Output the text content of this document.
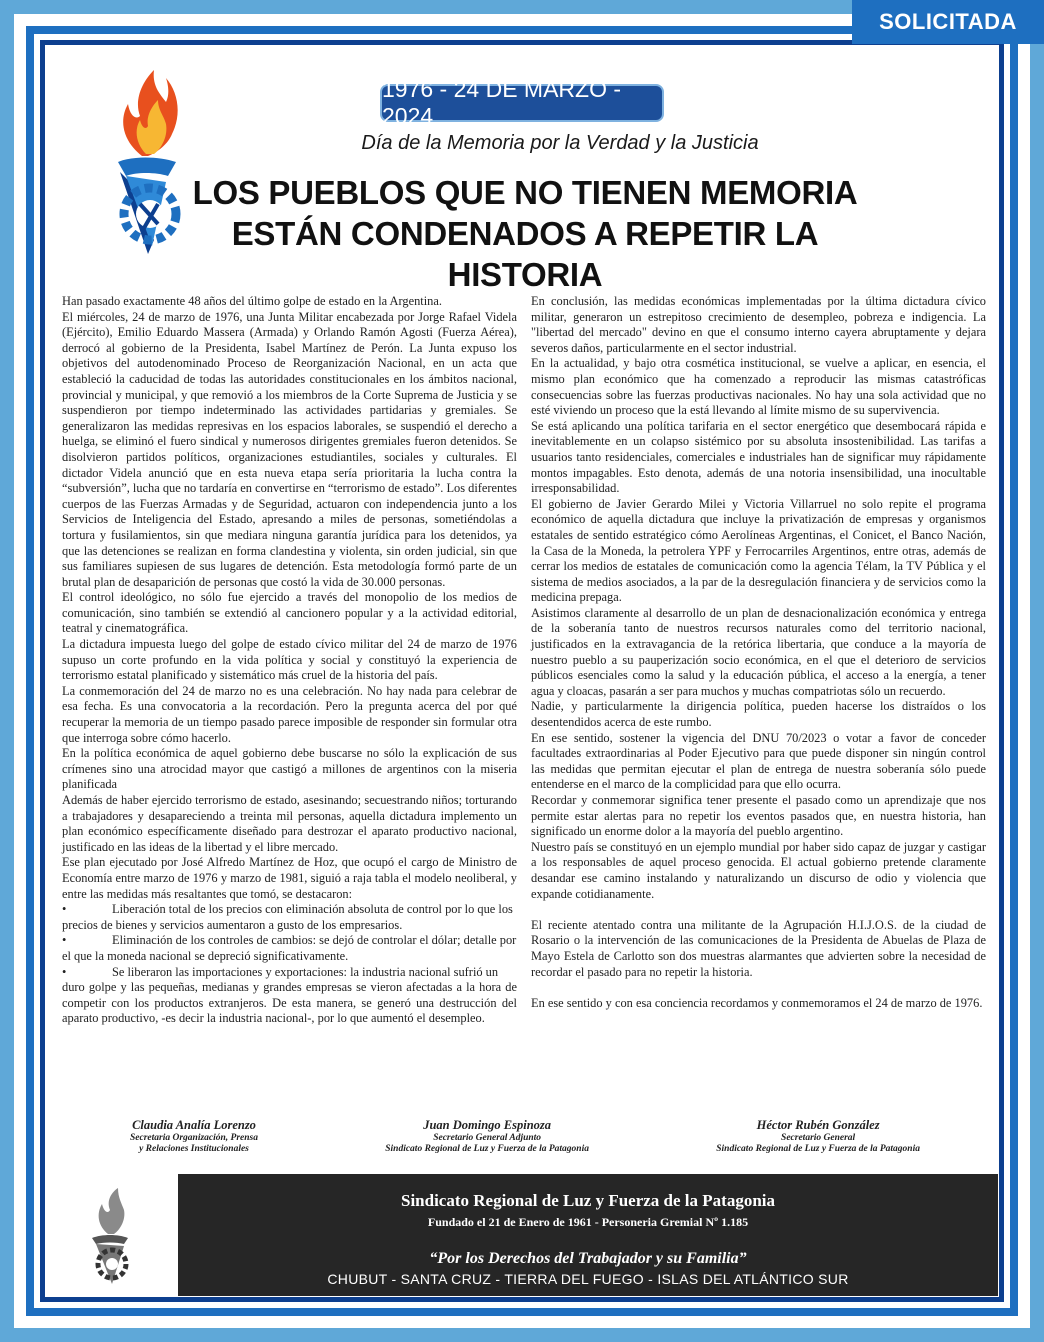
SOLICITADA
1976 - 24 DE MARZO - 2024
Día de la Memoria por la Verdad y la Justicia
LOS PUEBLOS QUE NO TIENEN MEMORIA
ESTÁN CONDENADOS A REPETIR LA HISTORIA

Han pasado exactamente 48 años del último golpe de estado en la Argentina.

El miércoles, 24 de marzo de 1976, una Junta Militar encabezada por Jorge Rafael Videla (Ejército), Emilio Eduardo Massera (Armada) y Orlando Ramón Agosti (Fuerza Aérea), derrocó al gobierno de la Presidenta, Isabel Martínez de Perón. La Junta expuso los objetivos del autodenominado Proceso de Reorganización Nacional, en un acta que estableció la caducidad de todas las autoridades constitucionales en los ámbitos nacional, provincial y municipal, y que removió a los miembros de la Corte Suprema de Justicia y se suspendieron por tiempo indeterminado las actividades partidarias y gremiales. Se generalizaron las medidas represivas en los espacios laborales, se suspendió el derecho a huelga, se eliminó el fuero sindical y numerosos dirigentes gremiales fueron detenidos. Se disolvieron partidos políticos, organizaciones estudiantiles, sociales y culturales. El dictador Videla anunció que en esta nueva etapa sería prioritaria la lucha contra la “subversión”, lucha que no tardaría en convertirse en “terrorismo de estado”. Los diferentes cuerpos de las Fuerzas Armadas y de Seguridad, actuaron con independencia junto a los Servicios de Inteligencia del Estado, apresando a miles de personas, sometiéndolas a tortura y fusilamientos, sin que mediara ninguna garantía jurídica para los detenidos, ya que las detenciones se realizan en forma clandestina y violenta, sin orden judicial, sin que sus familiares supiesen de sus lugares de detención. Esta metodología formó parte de un brutal plan de desaparición de personas que costó la vida de 30.000 personas.

El control ideológico, no sólo fue ejercido a través del monopolio de los medios de comunicación, sino también se extendió al cancionero popular y a la actividad editorial, teatral y cinematográfica.

La dictadura impuesta luego del golpe de estado cívico militar del 24 de marzo de 1976 supuso un corte profundo en la vida política y social y constituyó la experiencia de terrorismo estatal planificado y sistemático más cruel de la historia del país.

La conmemoración del 24 de marzo no es una celebración. No hay nada para celebrar de esa fecha. Es una convocatoria a la recordación. Pero la pregunta acerca del por qué recuperar la memoria de un tiempo pasado parece imposible de responder sin formular otra que interroga sobre cómo hacerlo.

En la política económica de aquel gobierno debe buscarse no sólo la explicación de sus crímenes sino una atrocidad mayor que castigó a millones de argentinos con la miseria planificada

Además de haber ejercido terrorismo de estado, asesinando; secuestrando niños; torturando a trabajadores y desapareciendo a treinta mil personas, aquella dictadura implemento un plan económico específicamente diseñado para destrozar el aparato productivo nacional, justificado en las ideas de la libertad y el libre mercado.

Ese plan ejecutado por José Alfredo Martínez de Hoz, que ocupó el cargo de Ministro de Economía entre marzo de 1976 y marzo de 1981, siguió a raja tabla el modelo neoliberal, y entre las medidas más resaltantes que tomó, se destacaron:

•	Liberación total de los precios con eliminación absoluta de control por lo que los

precios de bienes y servicios aumentaron a gusto de los empresarios.

•	Eliminación de los controles de cambios: se dejó de controlar el dólar; detalle por

el que la moneda nacional se depreció significativamente.

•	Se liberaron las importaciones y exportaciones: la industria nacional sufrió un

duro golpe y las pequeñas, medianas y grandes empresas se vieron afectadas a la hora de competir con los productos extranjeros. De esta manera, se generó una destrucción del aparato productivo, -es decir la industria nacional-, por lo que aumentó el desempleo.

En conclusión, las medidas económicas implementadas por la última dictadura cívico militar, generaron un estrepitoso crecimiento de desempleo, pobreza e indigencia. La "libertad del mercado" devino en que el consumo interno cayera abruptamente y dejara severos daños, particularmente en el sector industrial.

En la actualidad, y bajo otra cosmética institucional, se vuelve a aplicar, en esencia, el mismo plan económico que ha comenzado a reproducir las mismas catastróficas consecuencias sobre las fuerzas productivas nacionales. No hay una sola actividad que no esté viviendo un proceso que la está llevando al límite mismo de su supervivencia.

Se está aplicando una política tarifaria en el sector energético que desembocará rápida e inevitablemente en un colapso sistémico por su absoluta insostenibilidad. Las tarifas a usuarios tanto residenciales, comerciales e industriales han de significar muy rápidamente montos impagables. Esto denota, además de una notoria insensibilidad, una inocultable irresponsabilidad.

El gobierno de Javier Gerardo Milei y Victoria Villarruel no solo repite el programa económico de aquella dictadura que incluye la privatización de empresas y organismos estatales de sentido estratégico cómo Aerolíneas Argentinas, el Conicet, el Banco Nación, la Casa de la Moneda, la petrolera YPF y Ferrocarriles Argentinos, entre otras, además de cerrar los medios de estatales de comunicación como la agencia Télam, la TV Pública y el sistema de medios asociados, a la par de la desregulación financiera y de servicios como la medicina prepaga.

Asistimos claramente al desarrollo de un plan de desnacionalización económica y entrega de la soberanía tanto de nuestros recursos naturales como del territorio nacional, justificados en la extravagancia de la retórica libertaria, que conduce a la mayoría de nuestro pueblo a su pauperización socio económica, en el que el deterioro de servicios públicos esenciales como la salud y la educación pública, el acceso a la energía, a tener agua y cloacas, pasarán a ser para muchos y muchas compatriotas sólo un recuerdo.

Nadie, y particularmente la dirigencia política, pueden hacerse los distraídos o los desentendidos acerca de este rumbo.

En ese sentido, sostener la vigencia del DNU 70/2023 o votar a favor de conceder facultades extraordinarias al Poder Ejecutivo para que puede disponer sin ningún control las medidas que permitan ejecutar el plan de entrega de nuestra soberanía sólo puede entenderse en el marco de la complicidad para que ello ocurra.

Recordar y conmemorar significa tener presente el pasado como un aprendizaje que nos permite estar alertas para no repetir los eventos pasados que, en nuestra historia, han significado un enorme dolor a la mayoría del pueblo argentino.

Nuestro país se constituyó en un ejemplo mundial por haber sido capaz de juzgar y castigar a los responsables de aquel proceso genocida. El actual gobierno pretende claramente desandar ese camino instalando y naturalizando un discurso de odio y violencia que expande cotidianamente.

El reciente atentado contra una militante de la Agrupación H.I.J.O.S. de la ciudad de Rosario o la intervención de las comunicaciones de la Presidenta de Abuelas de Plaza de Mayo Estela de Carlotto son dos muestras alarmantes que advierten sobre la necesidad de recordar el pasado para no repetir la historia.

En ese sentido y con esa conciencia recordamos y conmemoramos el 24 de marzo de 1976.

Claudia Analía Lorenzo
Secretaria Organización, Prensa
y Relaciones Institucionales
Juan Domingo Espinoza
Secretario General Adjunto
Sindicato Regional de Luz y Fuerza de la Patagonia
Héctor Rubén González
Secretario General
Sindicato Regional de Luz y Fuerza de la Patagonia
Sindicato Regional de Luz y Fuerza de la Patagonia
Fundado el 21 de Enero de 1961 - Personeria Gremial Nº 1.185
“Por los Derechos del Trabajador y su Familia”
CHUBUT - SANTA CRUZ - TIERRA DEL FUEGO - ISLAS DEL ATLÁNTICO SUR
